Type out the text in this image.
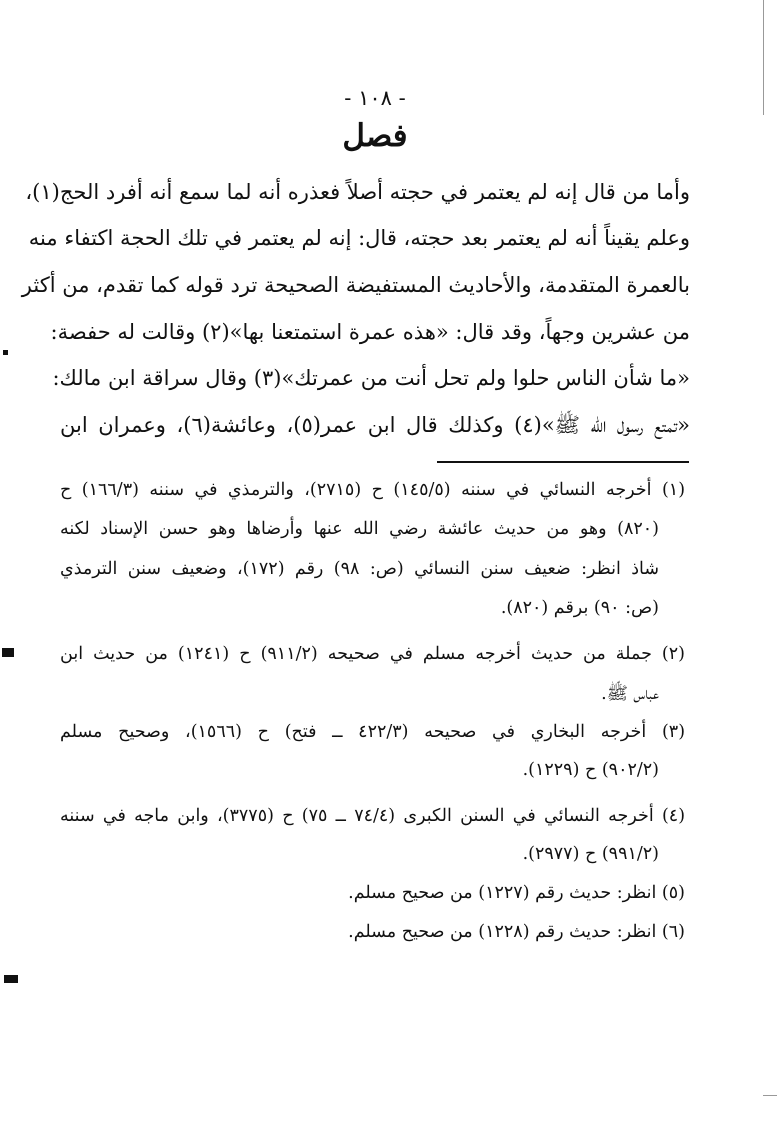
- ١٠٨ -
فصل
وأما من قال إنه لم يعتمر في حجته أصلاً فعذره أنه لما سمع أنه أفرد الحج(١)،
وعلم يقيناً أنه لم يعتمر بعد حجته، قال: إنه لم يعتمر في تلك الحجة اكتفاء منه
بالعمرة المتقدمة، والأحاديث المستفيضة الصحيحة ترد قوله كما تقدم، من أكثر
من عشرين وجهاً، وقد قال: «هذه عمرة استمتعنا بها»(٢) وقالت له حفصة:
«ما شأن الناس حلوا ولم تحل أنت من عمرتك»(٣) وقال سراقة ابن مالك:
«تمتع رسول الله ﷺ»(٤) وكذلك قال ابن عمر(٥)، وعائشة(٦)، وعمران ابن
(١) أخرجه النسائي في سننه (١٤٥/٥) ح (٢٧١٥)، والترمذي في سننه (١٦٦/٣) ح
(٨٢٠) وهو من حديث عائشة رضي الله عنها وأرضاها وهو حسن الإسناد لكنه
شاذ انظر: ضعيف سنن النسائي (ص: ٩٨) رقم (١٧٢)، وضعيف سنن الترمذي
(ص: ٩٠) برقم (٨٢٠).
(٢) جملة من حديث أخرجه مسلم في صحيحه (٩١١/٢) ح (١٢٤١) من حديث ابن
عباس ﷺ.
(٣) أخرجه البخاري في صحيحه (٤٢٢/٣ ــ فتح) ح (١٥٦٦)، وصحيح مسلم
(٩٠٢/٢) ح (١٢٢٩).
(٤) أخرجه النسائي في السنن الكبرى (٧٤/٤ ــ ٧٥) ح (٣٧٧٥)، وابن ماجه في سننه
(٩٩١/٢) ح (٢٩٧٧).
(٥) انظر: حديث رقم (١٢٢٧) من صحيح مسلم.
(٦) انظر: حديث رقم (١٢٢٨) من صحيح مسلم.
